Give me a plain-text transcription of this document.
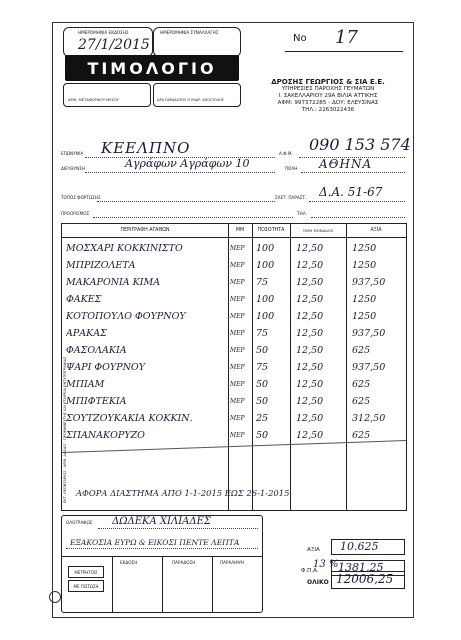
ΗΜΕΡΟΜΗΝΙΑ ΕΚΔΟΣΗΣ
27/1/2015
ΗΜΕΡΟΜΗΝΙΑ ΣΥΝΑΛΛΑΓΗΣ
ΤΙΜΟΛΟΓΙΟ
ΑΡΙΘ. ΜΕΤΑΦΟΡΙΚΟΥ ΜΕΣΟΥ	ΩΡΑ ΠΑΡΑΔΟΣΗΣ Ή ΕΝΑΡ. ΑΠΟΣΤΟΛΗΣ
Νο 17
ΔΡΟΣΗΣ ΓΕΩΡΓΙΟΣ & ΣΙΑ Ε.Ε.
ΥΠΗΡΕΣΙΕΣ ΠΑΡΟΧΗΣ ΓΕΥΜΑΤΩΝ
Ι. ΣΑΚΕΛΛΑΡΙΟΥ 29Α ΒΙΛΙΑ ΑΤΤΙΚΗΣ
ΑΦΜ: 997372285 - ΔΟΥ: ΕΛΕΥΣΙΝΑΣ
ΤΗΛ.: 2263022436
ΕΠΩΝΥΜΙΑ ΚΕΕΛΠΝΟ	Α.Φ.Μ. 090 153 574
ΔΙΕΥΘΥΝΣΗ	Αγράφων Αγράφων 10	ΠΟΛΗ ΑΘΗΝΑ
ΤΟΠΟΣ ΦΟΡΤΩΣΗΣ	ΣΧΕΤ. ΠΑΡΑΣΤ. Δ.Α. 51-67
ΠΡΟΟΡΙΣΜΟΣ	ΤΗΛ.
ΠΕΡΙΓΡΑΦΗ ΑΓΑΘΩΝ	ΜΜ	ΠΟΣΟΤΗΤΑ	ΤΙΜΗ ΜΟΝΑΔΟΣ	ΑΞΙΑ
ΜΟΣΧΑΡΙ ΚΟΚΚΙΝΙΣΤΟ	ΜΕΡ	100	12,50	1250
ΜΠΡΙΖΟΛΕΤΑ	ΜΕΡ	100	12,50	1250
ΜΑΚΑΡΟΝΙΑ ΚΙΜΑ	ΜΕΡ	75	12,50	937,50
ΦΑΚΕΣ	ΜΕΡ	100	12,50	1250
ΚΟΤΟΠΟΥΛΟ ΦΟΥΡΝΟΥ	ΜΕΡ	100	12,50	1250
ΑΡΑΚΑΣ	ΜΕΡ	75	12,50	937,50
ΦΑΣΟΛΑΚΙΑ	ΜΕΡ	50	12,50	625
ΨΑΡΙ ΦΟΥΡΝΟΥ	ΜΕΡ	75	12,50	937,50
ΜΠΙΑΜ	ΜΕΡ	50	12,50	625
ΜΠΙΦΤΕΚΙΑ	ΜΕΡ	50	12,50	625
ΣΟΥΤΖΟΥΚΑΚΙΑ ΚΟΚΚΙΝ.	ΜΕΡ	25	12,50	312,50
ΣΠΑΝΑΚΟΡΥΖΟ	ΜΕΡ	50	12,50	625
ΑΦΟΡΑ ΔΙΑΣΤΗΜΑ ΑΠΟ 1-1-2015 ΕΩΣ 26-1-2015
ΟΛΟΓΡΑΦΩΣ ΔΩΔΕΚΑ ΧΙΛΙΑΔΕΣ
ΕΞΑΚΟΣΙΑ ΕΥΡΩ & ΕΙΚΟΣΙ ΠΕΝΤΕ ΛΕΠΤΑ
ΜΕΤΡΗΤΟΙΣ
ΜΕ ΠΙΣΤΩΣΗ
ΕΚΔΟΣΗ	ΠΑΡΑΔΟΣΗ	ΠΑΡΑΛΗΨΗ
ΑΞΙΑ 10.625
Φ.Π.Α.
13 % 1381,25
ΟΛΙΚΟ 12006,25
ΕΚΤ. ΛΕΟΝΤΑΡΙΟΣ · ΑΡΙΘ. ΑΔΕΙΑΣ · ΠΡΟΜΗΘΕΥΤΗΣ ΚΑΙ ΕΤΑΙΡΕΙΑ ΕΝΤΥΠΟΓΡΑΦΙΑΣ
